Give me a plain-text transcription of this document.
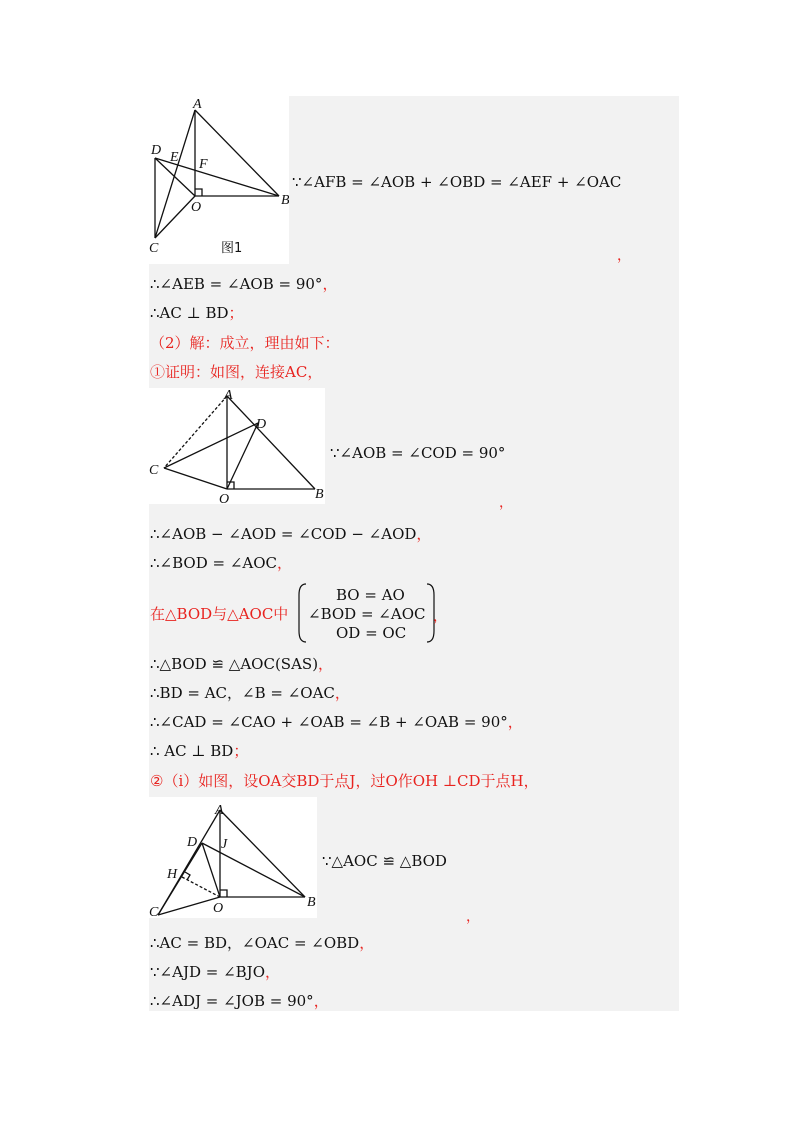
A
B
C
D E F
O
图1
∵∠AFB = ∠AOB + ∠OBD = ∠AEF + ∠OAC
，
∴∠AEB = ∠AOB = 90°，
∴AC ⊥ BD；
（2）解：成立，理由如下：
①证明：如图，连接AC，
A
B
C
D
O
∵∠AOB = ∠COD = 90°
，
∴∠AOB − ∠AOD = ∠COD − ∠AOD，
∴∠BOD = ∠AOC，
在△BOD与△AOC中
BO = AO
∠BOD = ∠AOC
OD = OC
，
∴△BOD ≌ △AOC(SAS)，
∴BD = AC，∠B = ∠OAC，
∴∠CAD = ∠CAO + ∠OAB = ∠B + ∠OAB = 90°，
∴ AC ⊥ BD；
②（i）如图，设OA交BD于点J，过O作OH ⊥CD于点H，
A
B
C
D
H
J
O
∵△AOC ≌ △BOD
，
∴AC = BD，∠OAC = ∠OBD，
∵∠AJD = ∠BJO，
∴∠ADJ = ∠JOB = 90°，
